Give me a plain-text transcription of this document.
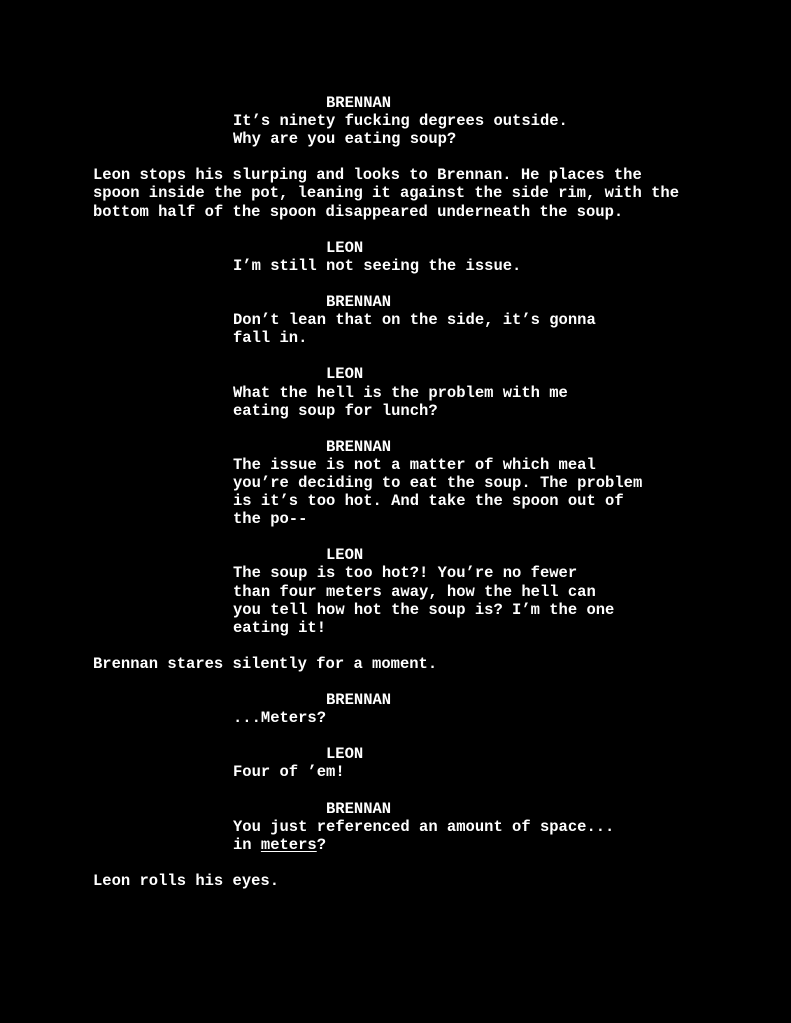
BRENNAN
It’s ninety fucking degrees outside.
Why are you eating soup?
Leon stops his slurping and looks to Brennan. He places the
spoon inside the pot, leaning it against the side rim, with the
bottom half of the spoon disappeared underneath the soup.
LEON
I’m still not seeing the issue.
BRENNAN
Don’t lean that on the side, it’s gonna
fall in.
LEON
What the hell is the problem with me
eating soup for lunch?
BRENNAN
The issue is not a matter of which meal
you’re deciding to eat the soup. The problem
is it’s too hot. And take the spoon out of
the po--
LEON
The soup is too hot?! You’re no fewer
than four meters away, how the hell can
you tell how hot the soup is? I’m the one
eating it!
Brennan stares silently for a moment.
BRENNAN
...Meters?
LEON
Four of ’em!
BRENNAN
You just referenced an amount of space...
in meters?
Leon rolls his eyes.
